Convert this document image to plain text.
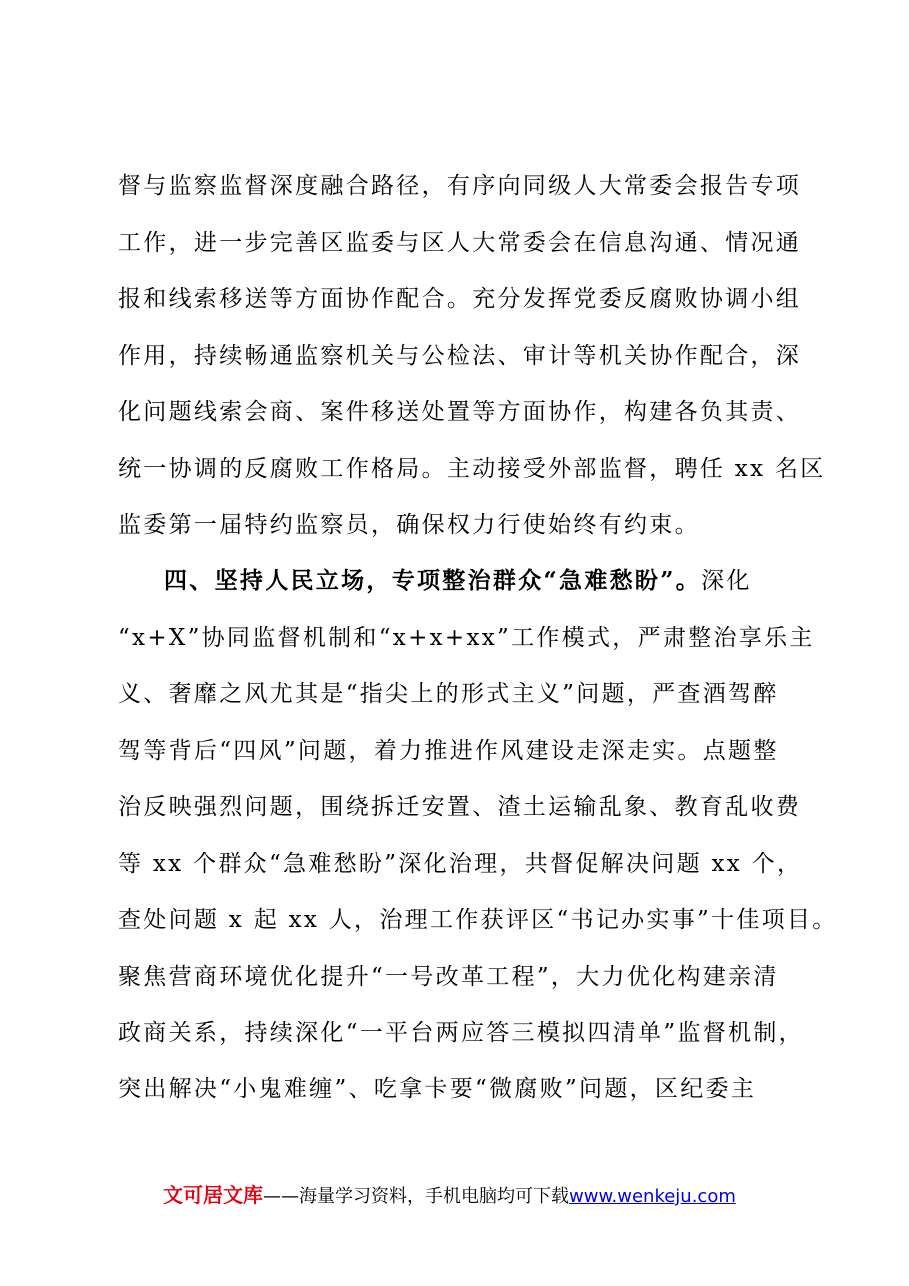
督与监察监督深度融合路径，有序向同级人大常委会报告专项
工作，进一步完善区监委与区人大常委会在信息沟通、情况通
报和线索移送等方面协作配合。充分发挥党委反腐败协调小组
作用，持续畅通监察机关与公检法、审计等机关协作配合，深
化问题线索会商、案件移送处置等方面协作，构建各负其责、
统一协调的反腐败工作格局。主动接受外部监督，聘任 xx 名区
监委第一届特约监察员，确保权力行使始终有约束。
四、坚持人民立场，专项整治群众“急难愁盼”。深化
“x+X”协同监督机制和“x+x+xx”工作模式，严肃整治享乐主
义、奢靡之风尤其是“指尖上的形式主义”问题，严查酒驾醉
驾等背后“四风”问题，着力推进作风建设走深走实。点题整
治反映强烈问题，围绕拆迁安置、渣土运输乱象、教育乱收费
等 xx 个群众“急难愁盼”深化治理，共督促解决问题 xx 个，
查处问题 x 起 xx 人，治理工作获评区“书记办实事”十佳项目。
聚焦营商环境优化提升“一号改革工程”，大力优化构建亲清
政商关系，持续深化“一平台两应答三模拟四清单”监督机制，
突出解决“小鬼难缠”、吃拿卡要“微腐败”问题，区纪委主
文可居文库——海量学习资料，手机电脑均可下载www.wenkeju.com
